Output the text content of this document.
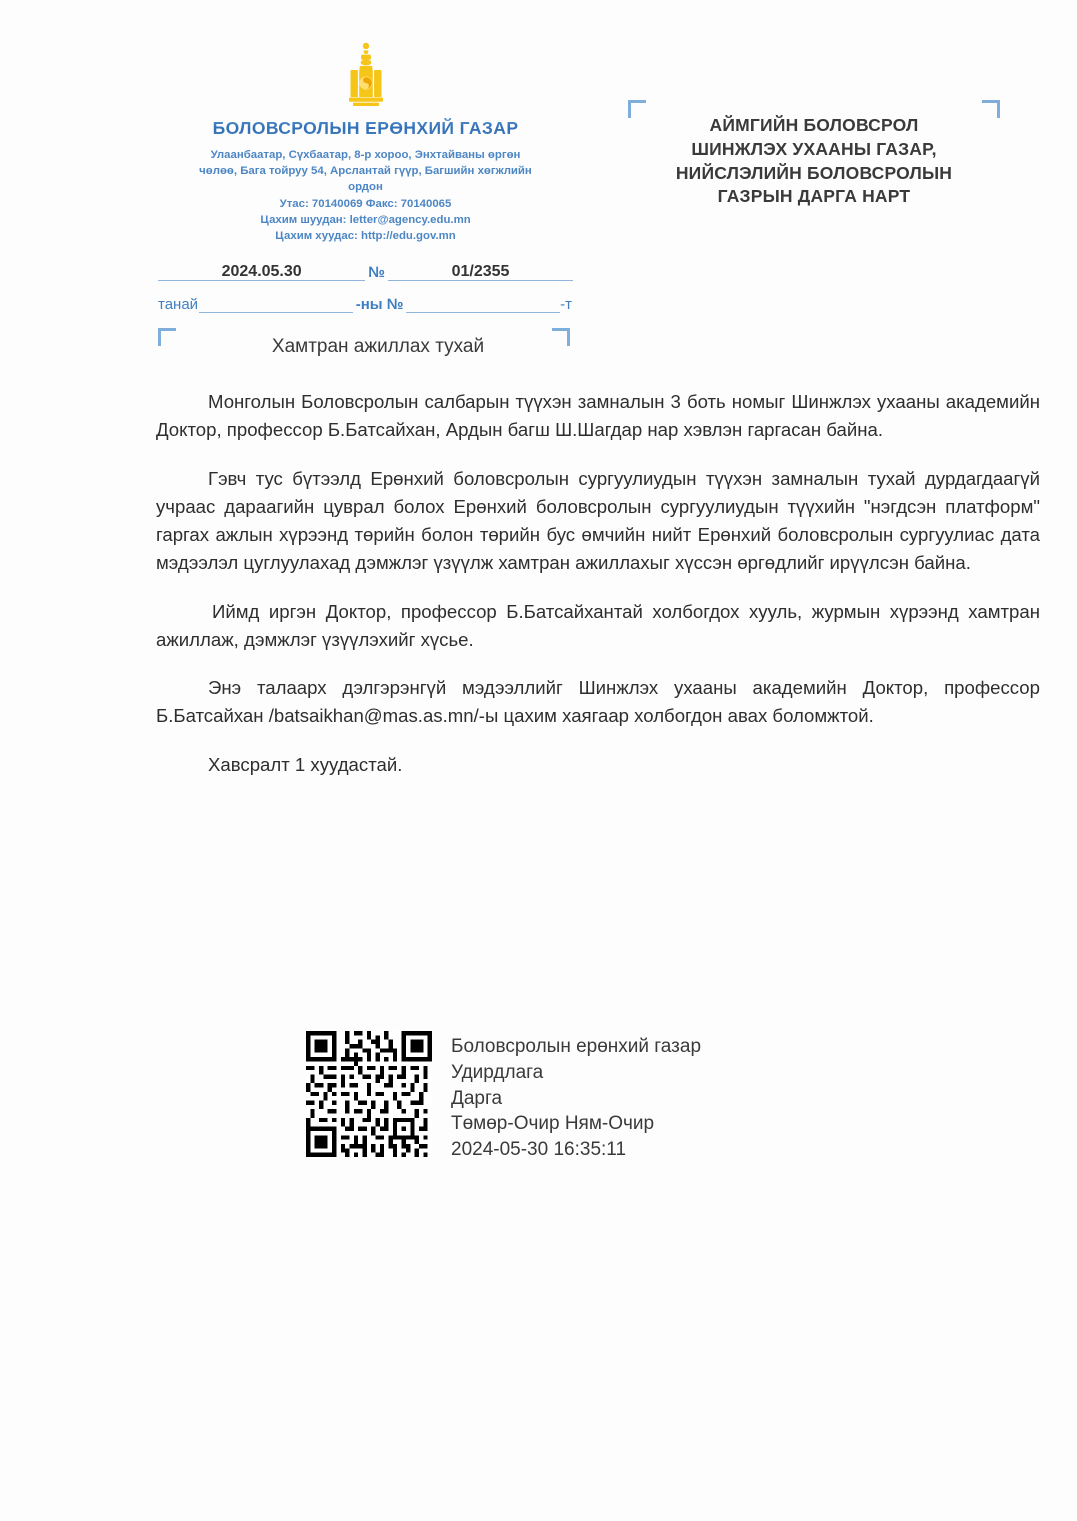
БОЛОВСРОЛЫН ЕРӨНХИЙ ГАЗАР
Улаанбаатар, Сүхбаатар, 8-р хороо, Энхтайваны өргөн
чөлөө, Бага тойруу 54, Арслантай гүүр, Багшийн хөгжлийн
ордон
Утас: 70140069 Факс: 70140065
Цахим шуудан: letter@agency.edu.mn
Цахим хуудас: http://edu.gov.mn
2024.05.30	№	01/2355
танай	-ны №	-т
АЙМГИЙН БОЛОВСРОЛ
ШИНЖЛЭХ УХААНЫ ГАЗАР,
НИЙСЛЭЛИЙН БОЛОВСРОЛЫН
ГАЗРЫН ДАРГА НАРТ
Хамтран ажиллах тухай

Монголын Боловсролын салбарын түүхэн замналын 3 боть номыг Шинжлэх ухааны академийн Доктор, профессор Б.Батсайхан, Ардын багш Ш.Шагдар нар хэвлэн гаргасан байна.

Гэвч тус бүтээлд Ерөнхий боловсролын сургуулиудын түүхэн замналын тухай дурдагдаагүй учраас дараагийн цуврал болох Ерөнхий боловсролын сургуулиудын түүхийн "нэгдсэн платформ" гаргах ажлын хүрээнд төрийн болон төрийн бус өмчийн нийт Ерөнхий боловсролын сургуулиас дата мэдээлэл цуглуулахад дэмжлэг үзүүлж хамтран ажиллахыг хүссэн өргөдлийг ирүүлсэн байна.

Иймд иргэн Доктор, профессор Б.Батсайхантай холбогдох хууль, журмын хүрээнд хамтран ажиллаж, дэмжлэг үзүүлэхийг хүсье.

Энэ талаарх дэлгэрэнгүй мэдээллийг Шинжлэх ухааны академийн Доктор, профессор Б.Батсайхан /batsaikhan@mas.as.mn/-ы цахим хаягаар холбогдон авах боломжтой.

Хавсралт 1 хуудастай.

Боловсролын ерөнхий газар
Удирдлага
Дарга
Төмөр-Очир Ням-Очир
2024-05-30 16:35:11
